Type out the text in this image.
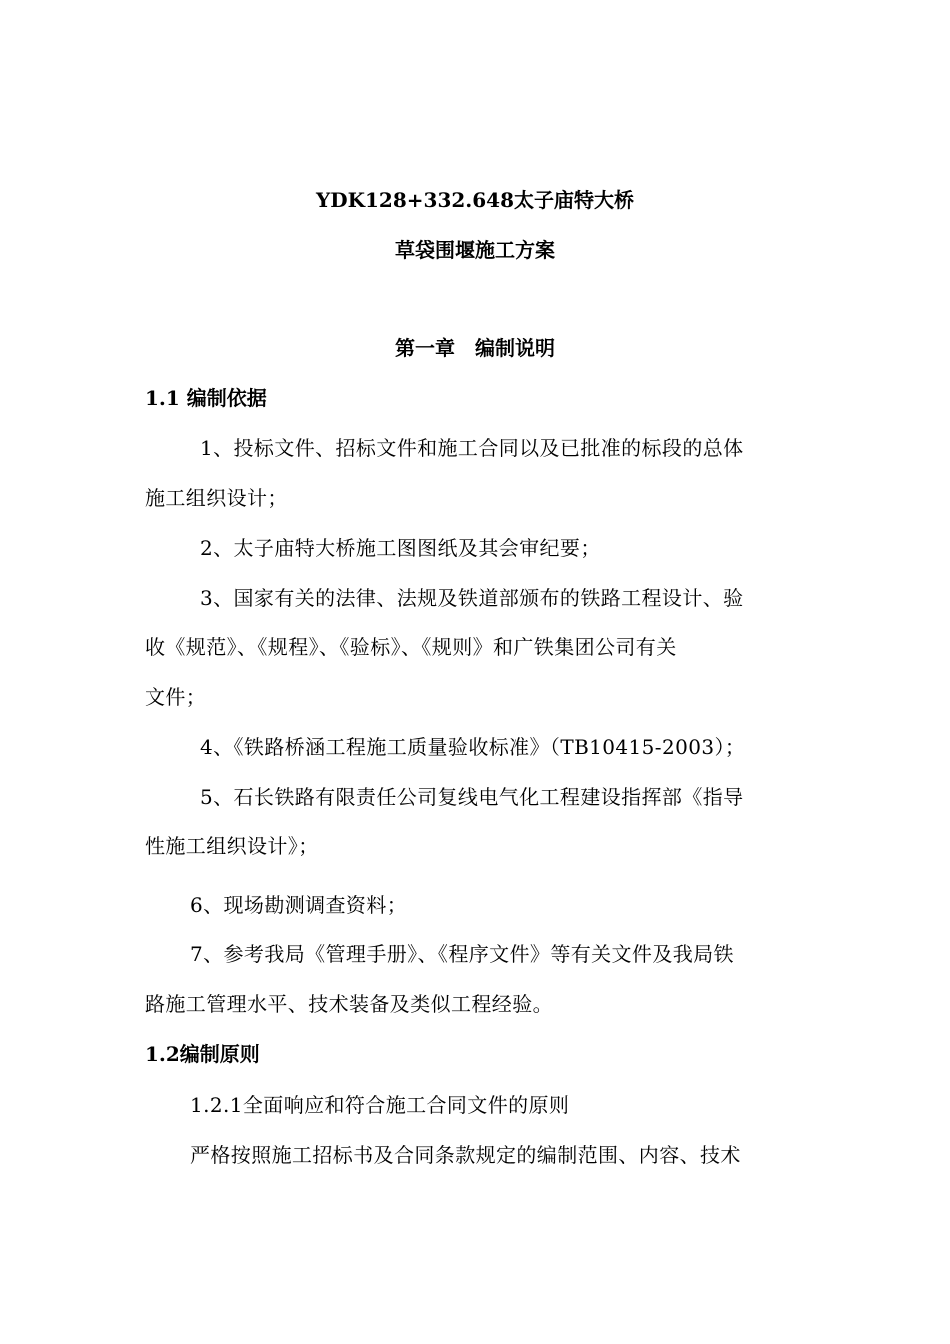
YDK128+332.648太子庙特大桥
草袋围堰施工方案
第一章　编制说明
1.1 编制依据
1、投标文件、招标文件和施工合同以及已批准的标段的总体
施工组织设计；
2、太子庙特大桥施工图图纸及其会审纪要；
3、国家有关的法律、法规及铁道部颁布的铁路工程设计、验
收《规范》、《规程》、《验标》、《规则》和广铁集团公司有关
文件；
4、《铁路桥涵工程施工质量验收标准》（TB10415-2003）；
5、石长铁路有限责任公司复线电气化工程建设指挥部《指导
性施工组织设计》；
6、现场勘测调查资料；
7、参考我局《管理手册》、《程序文件》等有关文件及我局铁
路施工管理水平、技术装备及类似工程经验。
1.2编制原则
1.2.1全面响应和符合施工合同文件的原则
严格按照施工招标书及合同条款规定的编制范围、内容、技术
